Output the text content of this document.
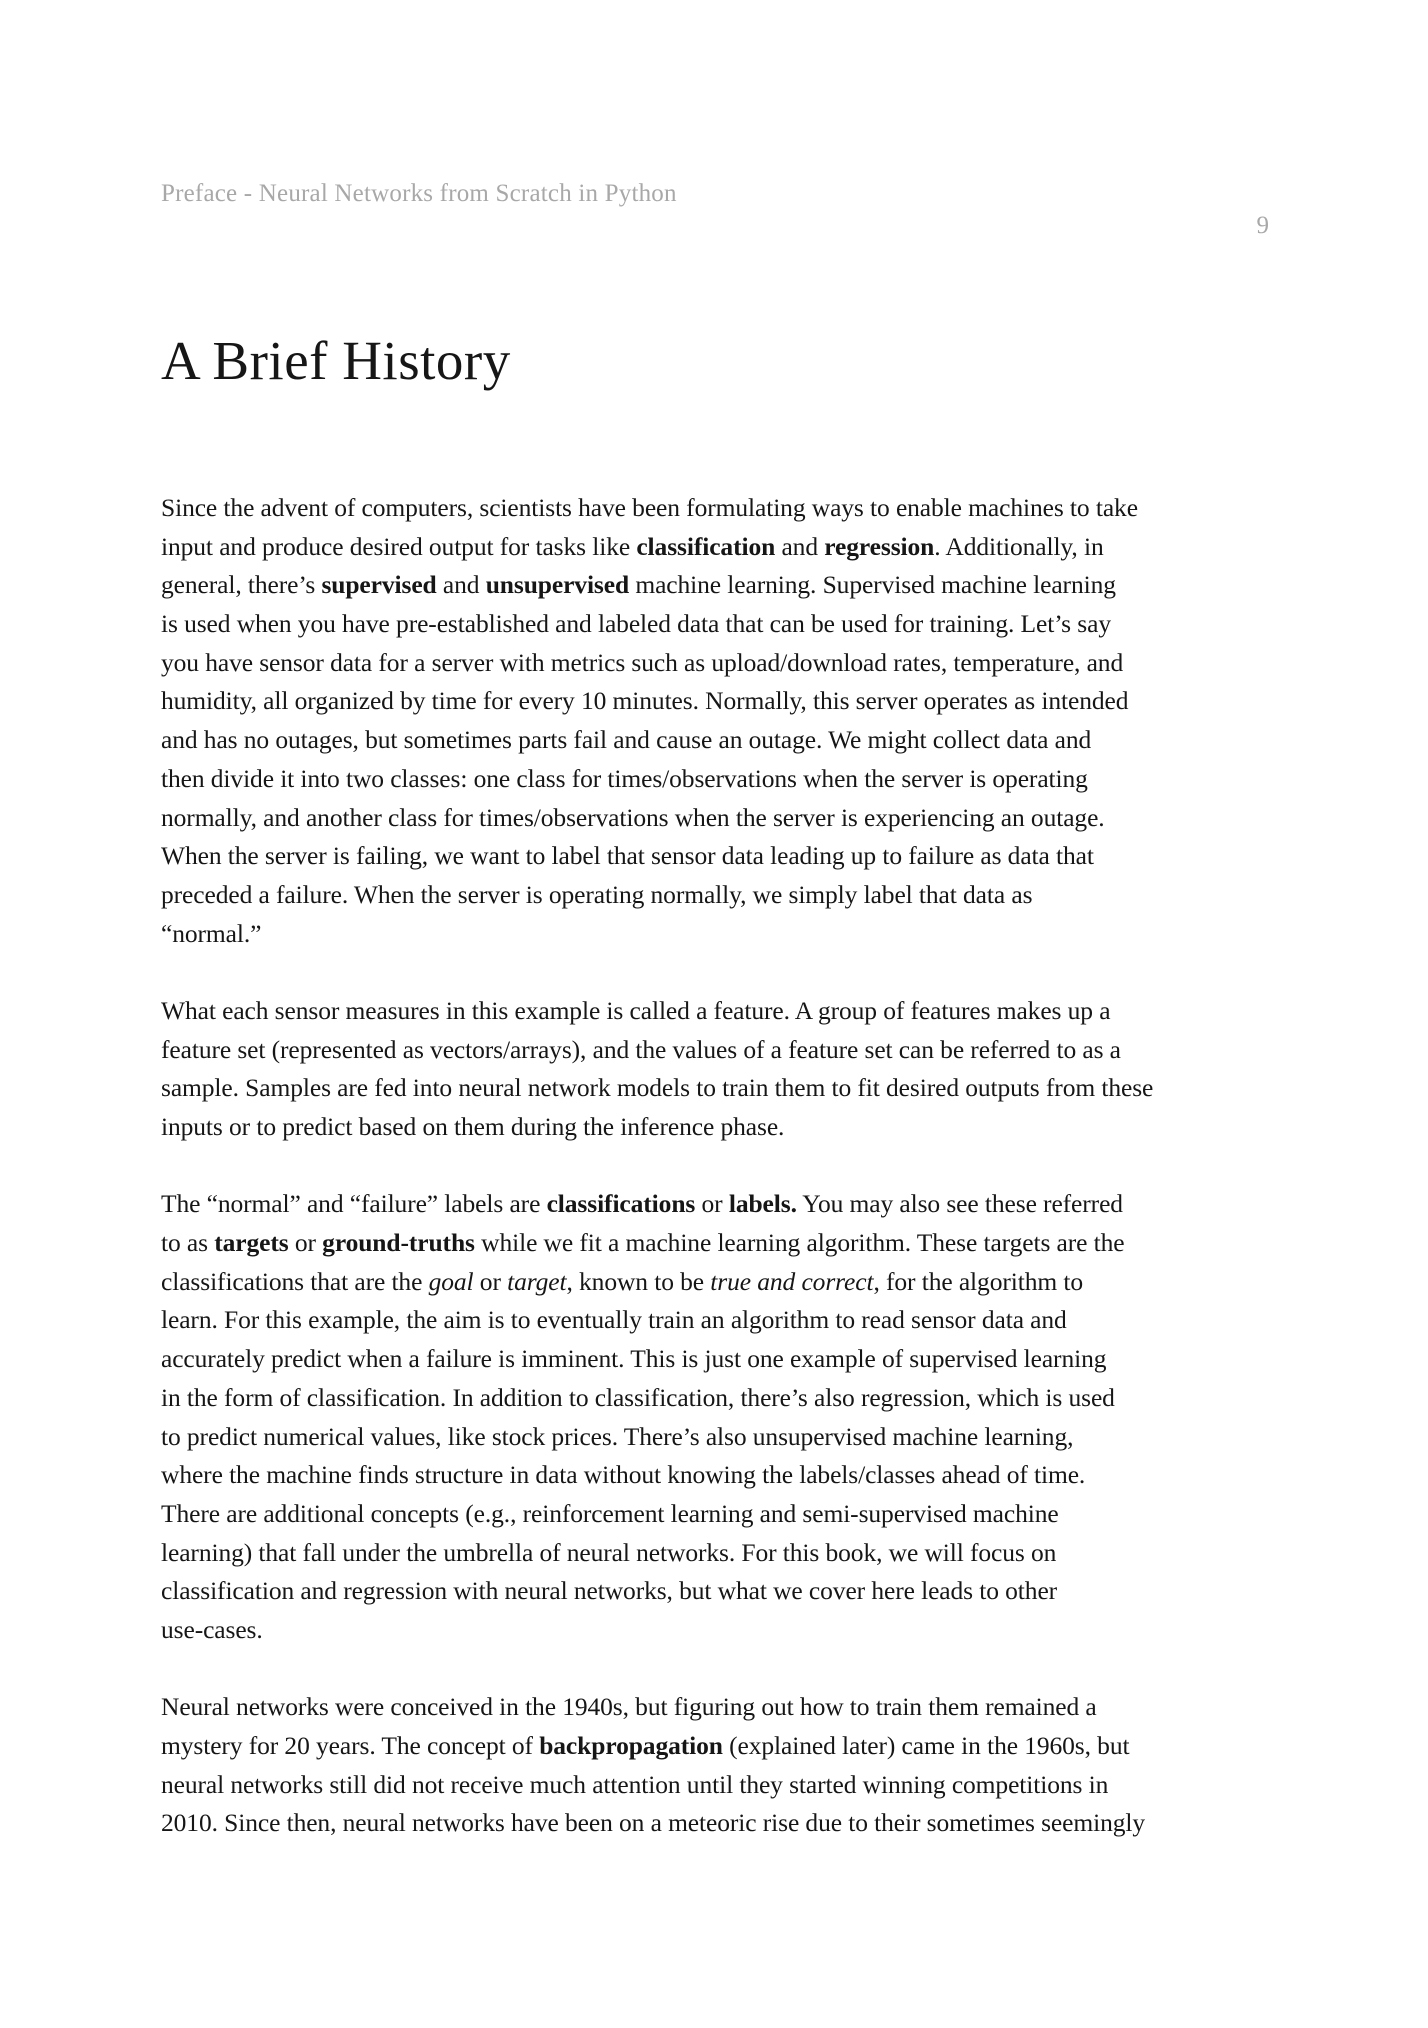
Preface - Neural Networks from Scratch in Python
9
A Brief History
Since the advent of computers, scientists have been formulating ways to enable machines to take
input and produce desired output for tasks like classification and regression. Additionally, in
general, there’s supervised and unsupervised machine learning. Supervised machine learning
is used when you have pre-established and labeled data that can be used for training. Let’s say
you have sensor data for a server with metrics such as upload/download rates, temperature, and
humidity, all organized by time for every 10 minutes. Normally, this server operates as intended
and has no outages, but sometimes parts fail and cause an outage. We might collect data and
then divide it into two classes: one class for times/observations when the server is operating
normally, and another class for times/observations when the server is experiencing an outage.
When the server is failing, we want to label that sensor data leading up to failure as data that
preceded a failure. When the server is operating normally, we simply label that data as
“normal.”
What each sensor measures in this example is called a feature. A group of features makes up a
feature set (represented as vectors/arrays), and the values of a feature set can be referred to as a
sample. Samples are fed into neural network models to train them to fit desired outputs from these
inputs or to predict based on them during the inference phase.
The “normal” and “failure” labels are classifications or labels. You may also see these referred
to as targets or ground-truths while we fit a machine learning algorithm. These targets are the
classifications that are the goal or target, known to be true and correct, for the algorithm to
learn. For this example, the aim is to eventually train an algorithm to read sensor data and
accurately predict when a failure is imminent. This is just one example of supervised learning
in the form of classification. In addition to classification, there’s also regression, which is used
to predict numerical values, like stock prices. There’s also unsupervised machine learning,
where the machine finds structure in data without knowing the labels/classes ahead of time.
There are additional concepts (e.g., reinforcement learning and semi-supervised machine
learning) that fall under the umbrella of neural networks. For this book, we will focus on
classification and regression with neural networks, but what we cover here leads to other
use-cases.
Neural networks were conceived in the 1940s, but figuring out how to train them remained a
mystery for 20 years. The concept of backpropagation (explained later) came in the 1960s, but
neural networks still did not receive much attention until they started winning competitions in
2010. Since then, neural networks have been on a meteoric rise due to their sometimes seemingly
